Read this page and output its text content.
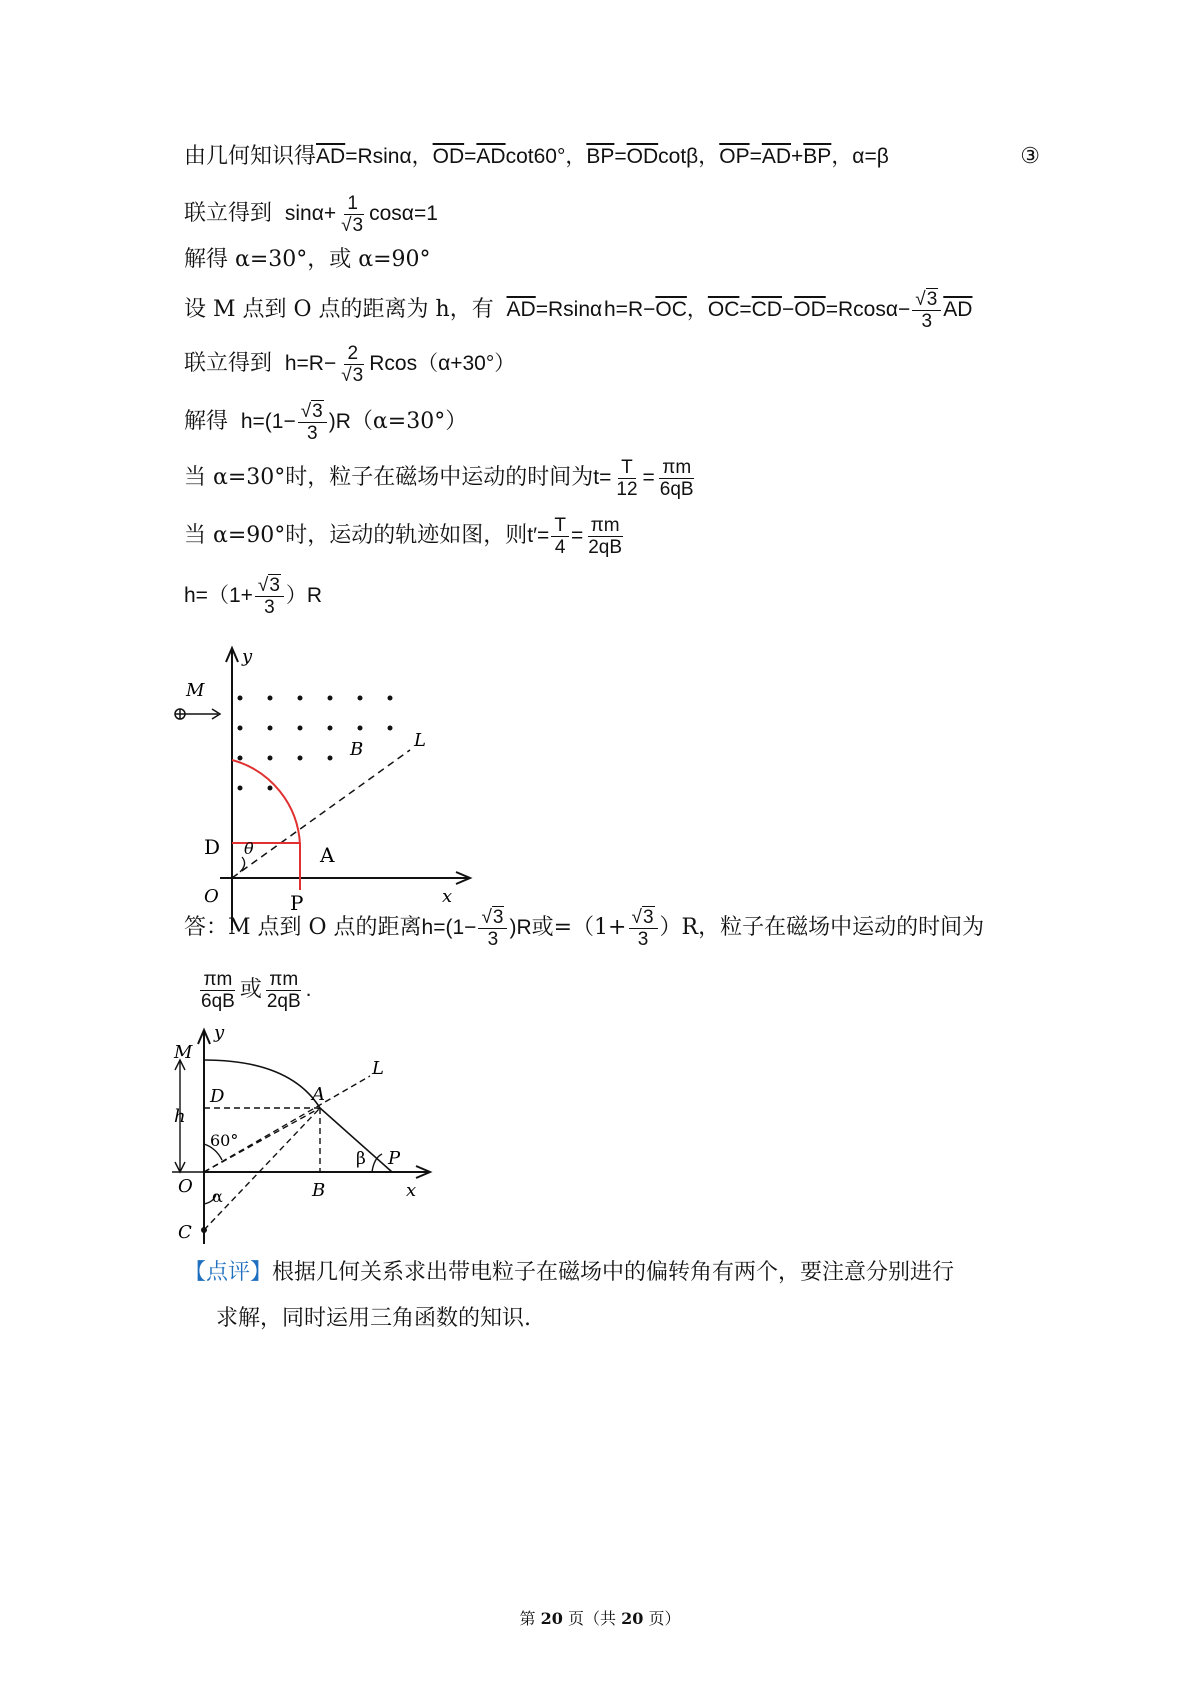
由几何知识得$\overline{AD}=Rsin\alpha$，$\overline{OD}=\overline{AD}\cot 60^\circ$，$\overline{BP}=\overline{OD}\cot\beta$，$\overline{OP}=\overline{AD}+\overline{BP}$，α=β	③
联立得到  $\sin\alpha+ \frac{1}{√3} \cos\alpha=1$
解得 α=30°，或 α=90°
设 M 点到 O 点的距离为 h，有 $\overline{AD}=Rsin\alpha$ $h=R-\overline{OC}$，$\overline{OC}=\overline{CD}-\overline{OD}=Rcos\alpha- \frac{√3}{3} \overline{AD}$
联立得到  $h=R- \frac{2}{√3} Rcos(\alpha+30^\circ)$
解得  $h=(1- \frac{√3}{3} )R(\alpha=30^\circ)$
当 α=30°时，粒子在磁场中运动的时间为$t= \frac{T}{12} = \frac{\pi m}{6qB}$
当 α=90°时，运动的轨迹如图，则$t'= \frac{T}{4} = \frac{\pi m}{2qB}$
$h=(1+ \frac{√3}{3} )R$
y
M
B	L
D θ	A
O	P	x
答：M 点到 O 点的距离$h=(1- \frac{√3}{3} )R$或$=(1+ \frac{√3}{3} )R$，粒子在磁场中运动的时间为
$\frac{\pi m}{6qB}$ 或 $\frac{\pi m}{2qB}$ .
M
y
D	A
L
h
60°
β P
O	B	x
α
C
【点评】根据几何关系求出带电粒子在磁场中的偏转角有两个，要注意分别进行
求解，同时运用三角函数的知识.
第 20 页（共 20 页）
